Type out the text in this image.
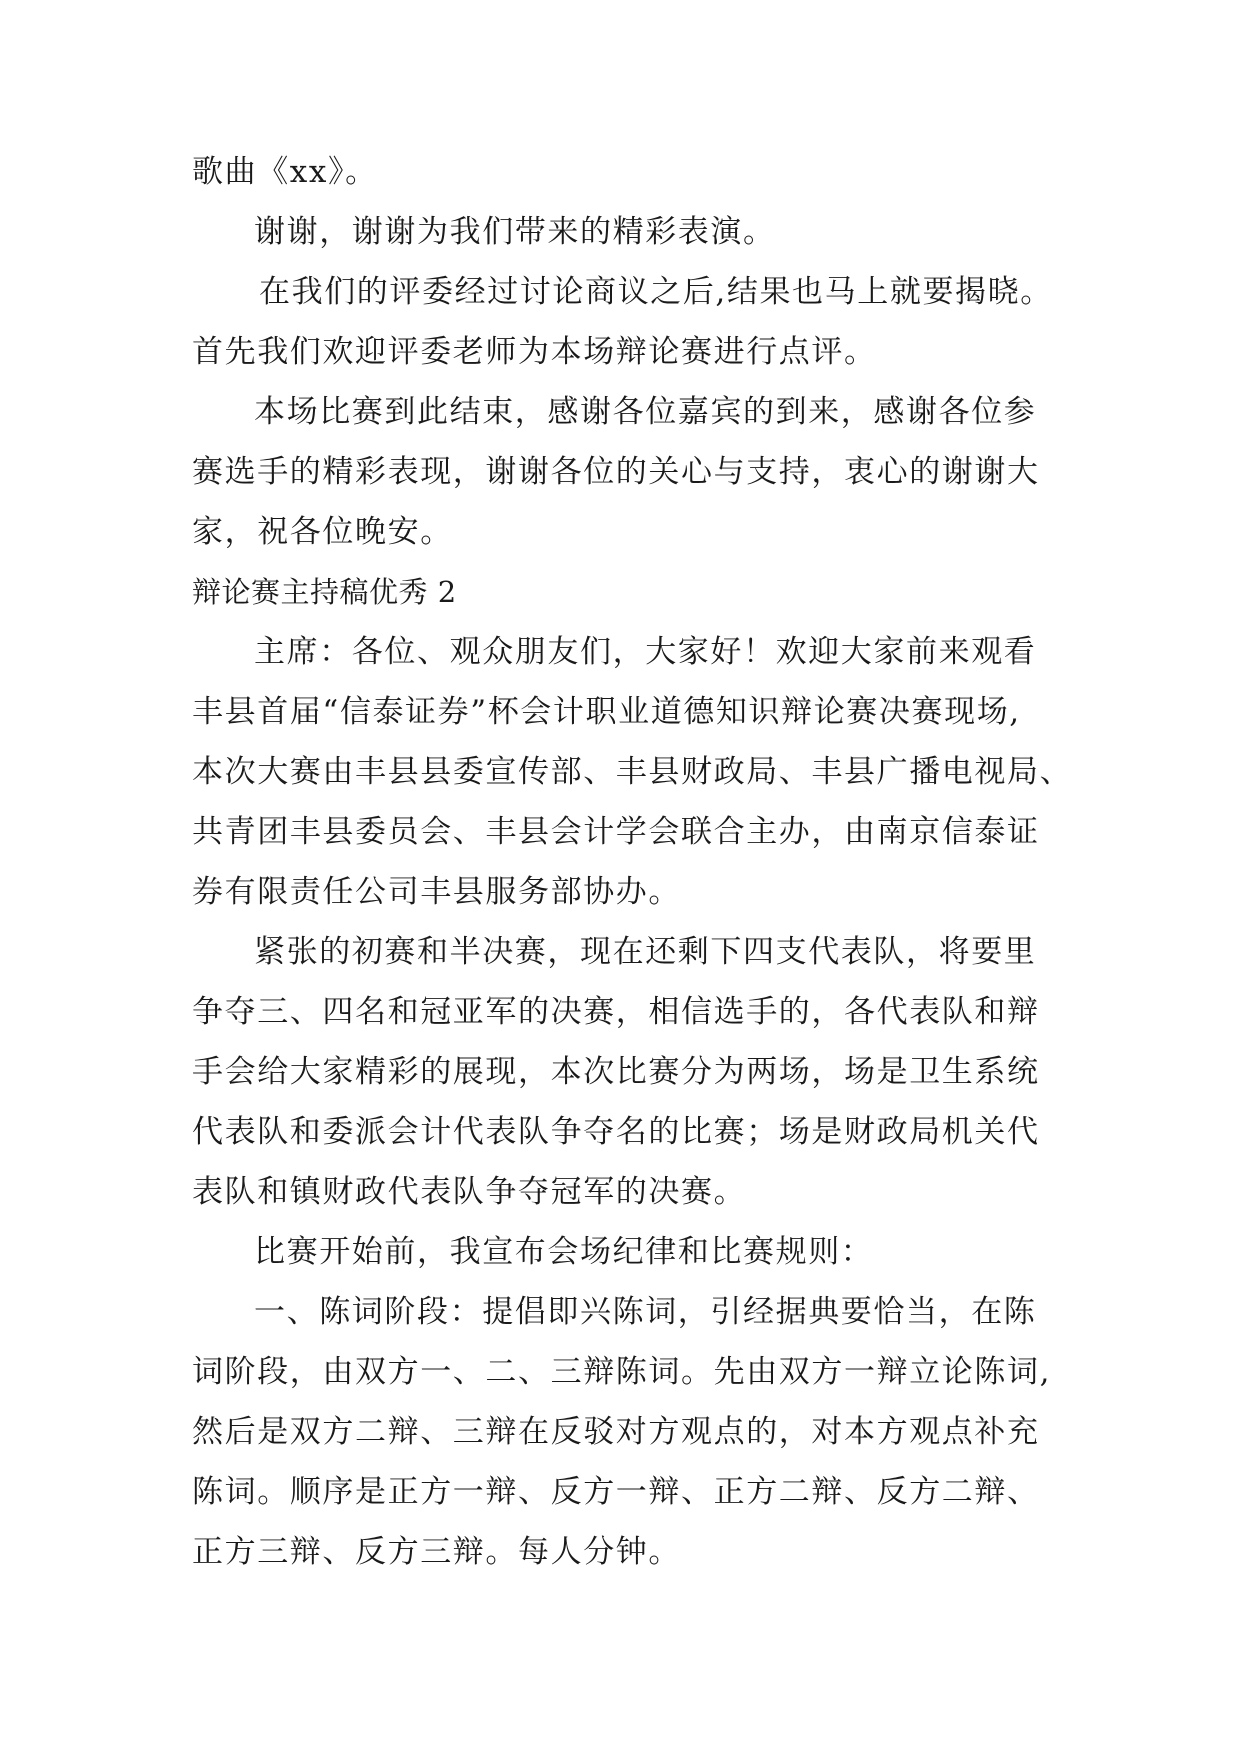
歌曲《xx》。
谢谢，谢谢为我们带来的精彩表演。
在我们的评委经过讨论商议之后,结果也马上就要揭晓。
首先我们欢迎评委老师为本场辩论赛进行点评。
本场比赛到此结束，感谢各位嘉宾的到来，感谢各位参
赛选手的精彩表现，谢谢各位的关心与支持，衷心的谢谢大
家，祝各位晚安。
辩论赛主持稿优秀 2
主席：各位、观众朋友们，大家好！欢迎大家前来观看
丰县首届“信泰证券”杯会计职业道德知识辩论赛决赛现场,
本次大赛由丰县县委宣传部、丰县财政局、丰县广播电视局、
共青团丰县委员会、丰县会计学会联合主办，由南京信泰证
券有限责任公司丰县服务部协办。
紧张的初赛和半决赛，现在还剩下四支代表队，将要里
争夺三、四名和冠亚军的决赛，相信选手的，各代表队和辩
手会给大家精彩的展现，本次比赛分为两场，场是卫生系统
代表队和委派会计代表队争夺名的比赛；场是财政局机关代
表队和镇财政代表队争夺冠军的决赛。
比赛开始前，我宣布会场纪律和比赛规则：
一、陈词阶段：提倡即兴陈词，引经据典要恰当，在陈
词阶段，由双方一、二、三辩陈词。先由双方一辩立论陈词,
然后是双方二辩、三辩在反驳对方观点的，对本方观点补充
陈词。顺序是正方一辩、反方一辩、正方二辩、反方二辩、
正方三辩、反方三辩。每人分钟。
